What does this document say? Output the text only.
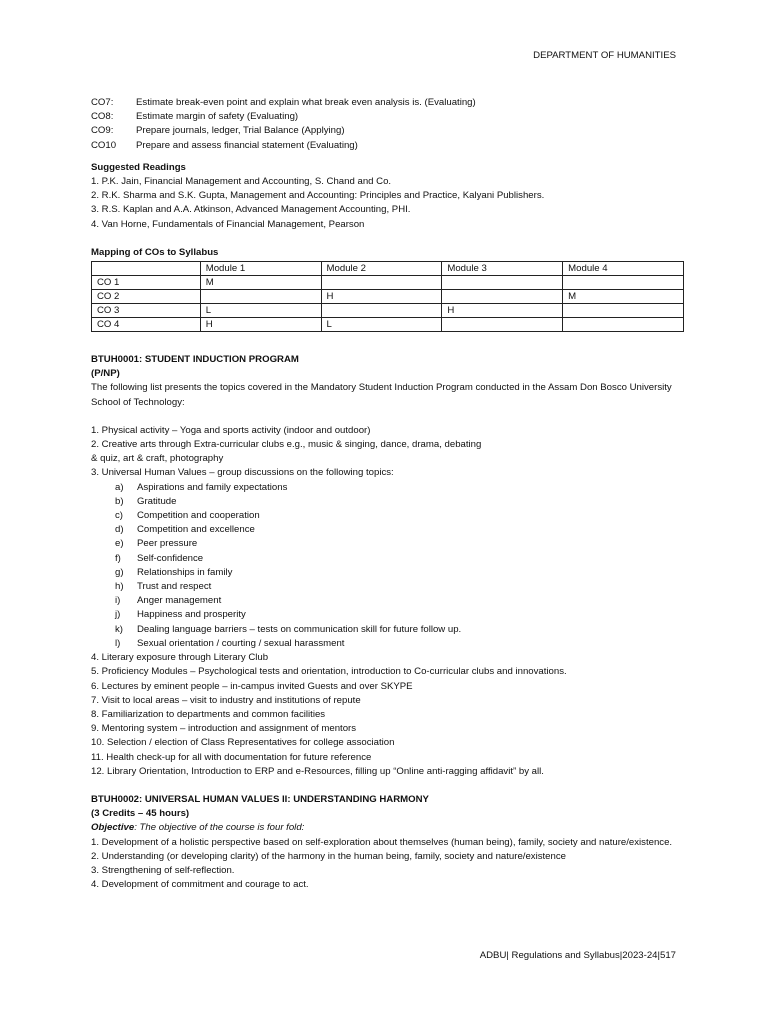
DEPARTMENT OF HUMANITIES
CO7:	Estimate break-even point and explain what break even analysis is. (Evaluating)
CO8:	Estimate margin of safety (Evaluating)
CO9:	Prepare journals, ledger, Trial Balance (Applying)
CO10	Prepare and assess financial statement (Evaluating)
Suggested Readings
1. P.K. Jain, Financial Management and Accounting, S. Chand and Co.
2. R.K. Sharma and S.K. Gupta, Management and Accounting: Principles and Practice, Kalyani Publishers.
3. R.S. Kaplan and A.A. Atkinson, Advanced Management Accounting, PHI.
4. Van Horne, Fundamentals of Financial Management, Pearson
Mapping of COs to Syllabus
	Module 1	Module 2	Module 3	Module 4
CO 1	M			
CO 2		H		M
CO 3	L		H	
CO 4	H	L		
BTUH0001: STUDENT INDUCTION PROGRAM
(P/NP)
The following list presents the topics covered in the Mandatory Student Induction Program conducted in the Assam Don Bosco University School of Technology:
1. Physical activity – Yoga and sports activity (indoor and outdoor)
2. Creative arts through Extra-curricular clubs e.g., music & singing, dance, drama, debating
& quiz, art & craft, photography
3. Universal Human Values – group discussions on the following topics:
a)	Aspirations and family expectations
b)	Gratitude
c)	Competition and cooperation
d)	Competition and excellence
e)	Peer pressure
f)	Self-confidence
g)	Relationships in family
h)	Trust and respect
i)	Anger management
j)	Happiness and prosperity
k)	Dealing language barriers – tests on communication skill for future follow up.
l)	Sexual orientation / courting / sexual harassment
4. Literary exposure through Literary Club
5. Proficiency Modules – Psychological tests and orientation, introduction to Co-curricular clubs and innovations.
6. Lectures by eminent people – in-campus invited Guests and over SKYPE
7. Visit to local areas – visit to industry and institutions of repute
8. Familiarization to departments and common facilities
9. Mentoring system – introduction and assignment of mentors
10. Selection / election of Class Representatives for college association
11. Health check-up for all with documentation for future reference
12. Library Orientation, Introduction to ERP and e-Resources, filling up “Online anti-ragging affidavit” by all.
BTUH0002: UNIVERSAL HUMAN VALUES II: UNDERSTANDING HARMONY
(3 Credits – 45 hours)
Objective: The objective of the course is four fold:
1. Development of a holistic perspective based on self-exploration about themselves (human being), family, society and nature/existence.
2. Understanding (or developing clarity) of the harmony in the human being, family, society and nature/existence
3. Strengthening of self-reflection.
4. Development of commitment and courage to act.
ADBU| Regulations and Syllabus|2023-24|517
